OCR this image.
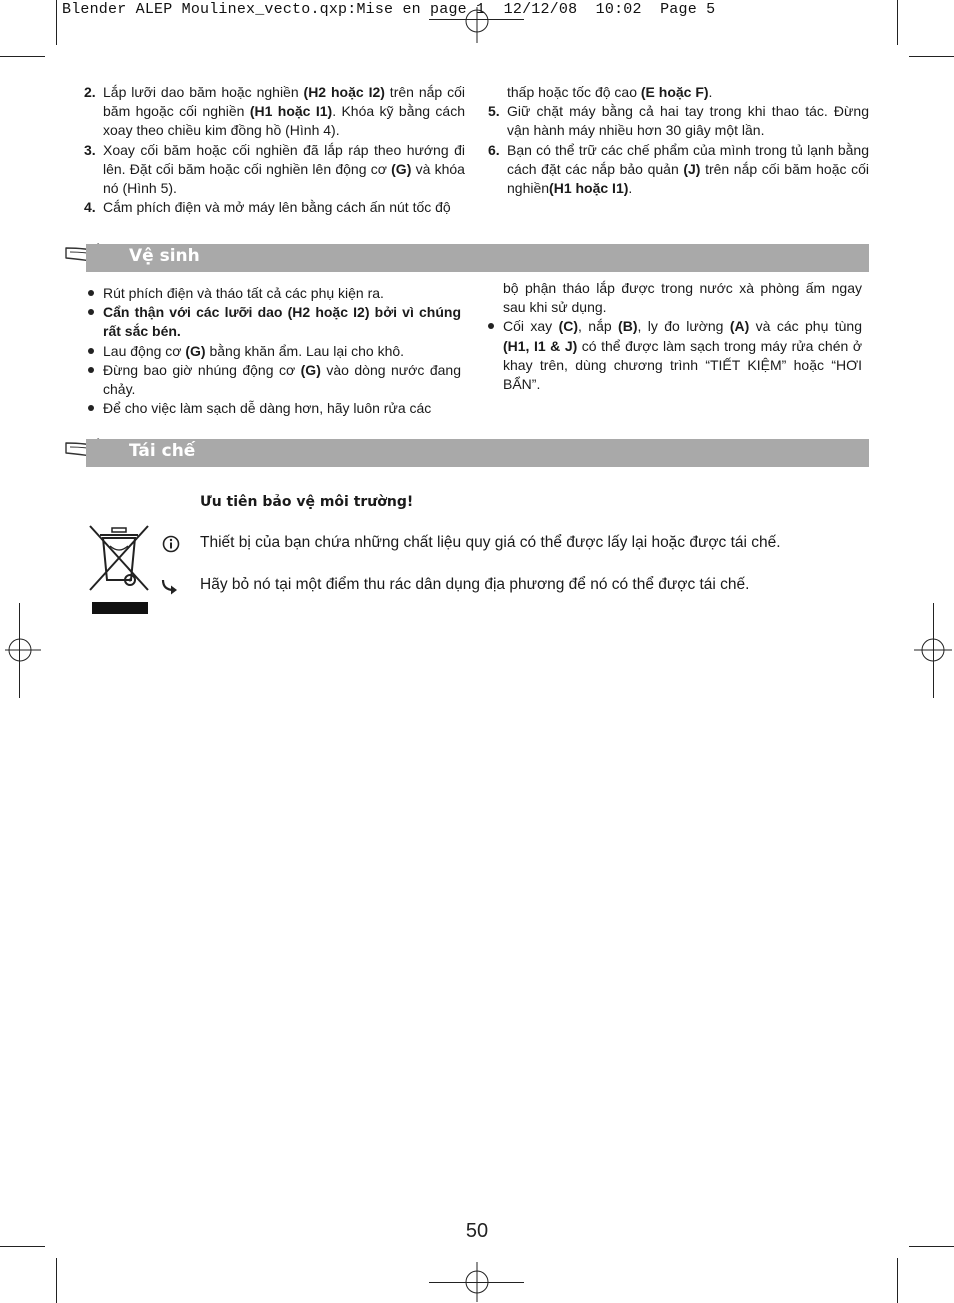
Blender ALEP Moulinex_vecto.qxp:Mise en page 1  12/12/08  10:02  Page 5
2. Lắp lưỡi dao băm hoặc nghiền (H2 hoặc I2) trên nắp cối băm hgoặc cối nghiền (H1 hoặc I1). Khóa kỹ bằng cách xoay theo chiều kim đồng hồ (Hình 4).
3. Xoay cối băm hoặc cối nghiền đã lắp ráp theo hướng đi lên. Đặt cối băm hoặc cối nghiền lên động cơ (G) và khóa nó (Hình 5).
4. Cắm phích điện và mở máy lên bằng cách ấn nút tốc độ
thấp hoặc tốc độ cao (E hoặc F).
5. Giữ chặt máy bằng cả hai tay trong khi thao tác. Đừng vận hành máy nhiều hơn 30 giây một lần.
6. Bạn có thể trữ các chế phẩm của mình trong tủ lạnh bằng cách đặt các nắp bảo quản (J) trên nắp cối băm hoặc cối nghiền(H1 hoặc I1).
Vệ sinh
Rút phích điện và tháo tất cả các phụ kiện ra.
Cẩn thận với các lưỡi dao (H2 hoặc I2) bởi vì chúng rất sắc bén.
Lau động cơ (G) bằng khăn ẩm. Lau lại cho khô.
Đừng bao giờ nhúng động cơ (G) vào dòng nước đang chảy.
Để cho việc làm sạch dễ dàng hơn, hãy luôn rửa các
bộ phận tháo lắp được trong nước xà phòng ấm ngay sau khi sử dụng.
Cối xay (C), nắp (B), ly đo lường (A) và các phụ tùng (H1, I1 & J) có thể được làm sạch trong máy rửa chén ở khay trên, dùng chương trình “TIẾT KIỆM” hoặc “HƠI BẨN”.
Tái chế
Ưu tiên bảo vệ môi trường!
Thiết bị của bạn chứa những chất liệu quy giá có thể được lấy lại hoặc được tái chế.
Hãy bỏ nó tại một điểm thu rác dân dụng địa phương để nó có thể được tái chế.
50
